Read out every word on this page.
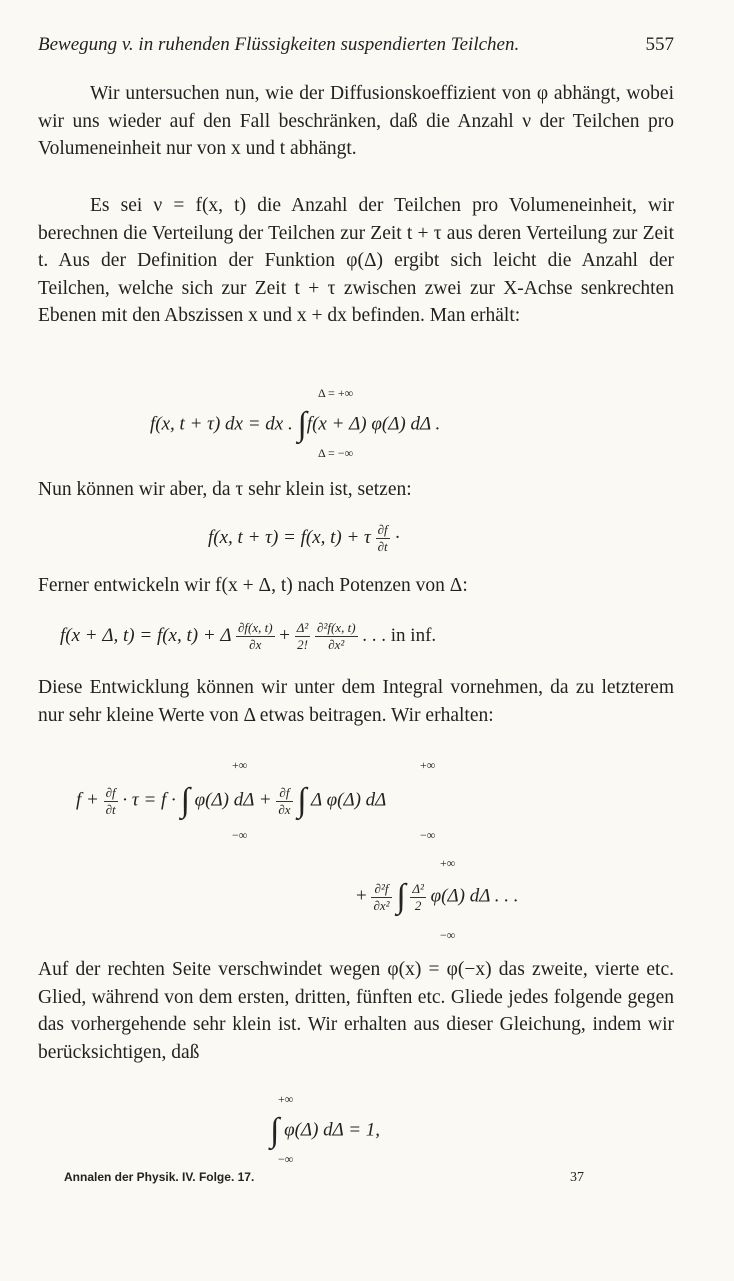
Bewegung v. in ruhenden Flüssigkeiten suspendierten Teilchen.	557
Wir untersuchen nun, wie der Diffusionskoeffizient von φ abhängt, wobei wir uns wieder auf den Fall beschränken, daß die Anzahl ν der Teilchen pro Volumeneinheit nur von x und t abhängt.
Es sei ν = f(x, t) die Anzahl der Teilchen pro Volumeneinheit, wir berechnen die Verteilung der Teilchen zur Zeit t + τ aus deren Verteilung zur Zeit t. Aus der Definition der Funktion φ(Δ) ergibt sich leicht die Anzahl der Teilchen, welche sich zur Zeit t + τ zwischen zwei zur X-Achse senkrechten Ebenen mit den Abszissen x und x + dx befinden. Man erhält:
Δ = +∞
f(x, t + τ) dx = dx . ∫f(x + Δ) φ(Δ) dΔ .
Δ = −∞
Nun können wir aber, da τ sehr klein ist, setzen:
f(x, t + τ) = f(x, t) + τ $\frac{\partial f}{\partial t}$ ·
Ferner entwickeln wir f(x + Δ, t) nach Potenzen von Δ:
f(x + Δ, t) = f(x, t) + Δ $\frac{\partial f(x, t)}{\partial x} + \frac{\text{Δ²}}{2!}$
$\frac{\text{∂²f(x, t)}}{\text{∂x²}}$ . . . in inf.
Diese Entwicklung können wir unter dem Integral vornehmen, da zu letzterem nur sehr kleine Werte von Δ etwas beitragen. Wir erhalten:
+∞	+∞
$f + \frac{\partial f}{\partial t} \cdot \tau = f$ · ∫ φ(Δ) $d\Delta + \frac{\partial f}{\partial x}$ ∫ Δ φ(Δ) dΔ
−∞	−∞
+∞
+ $\frac{\text{∂²f}}{\text{∂x²}}$ ∫ $\frac{\text{Δ²}}{2} \varphi(\Delta)$ dΔ . . .
−∞
Auf der rechten Seite verschwindet wegen φ(x) = φ(−x) das zweite, vierte etc. Glied, während von dem ersten, dritten, fünften etc. Gliede jedes folgende gegen das vorhergehende sehr klein ist. Wir erhalten aus dieser Gleichung, indem wir berücksichtigen, daß
+∞
∫ φ(Δ) dΔ = 1,
−∞
Annalen der Physik. IV. Folge. 17.	37
